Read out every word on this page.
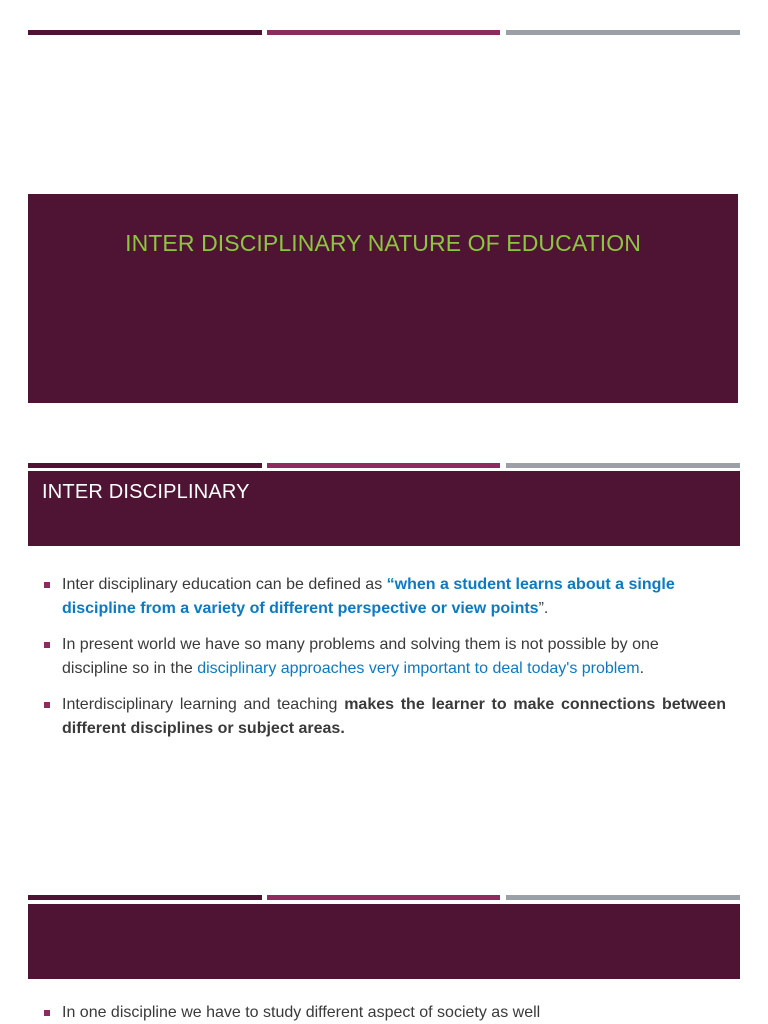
INTER DISCIPLINARY NATURE OF EDUCATION
INTER DISCIPLINARY
Inter disciplinary education can be defined as “when a student learns about a single discipline from a variety of different perspective or view points”.
In present world we have so many problems and solving them is not possible by one discipline so in the disciplinary approaches very important to deal today's problem.
Interdisciplinary learning and teaching makes the learner to make connections between different disciplines or subject areas.
In one discipline we have to study different aspect of society as well
